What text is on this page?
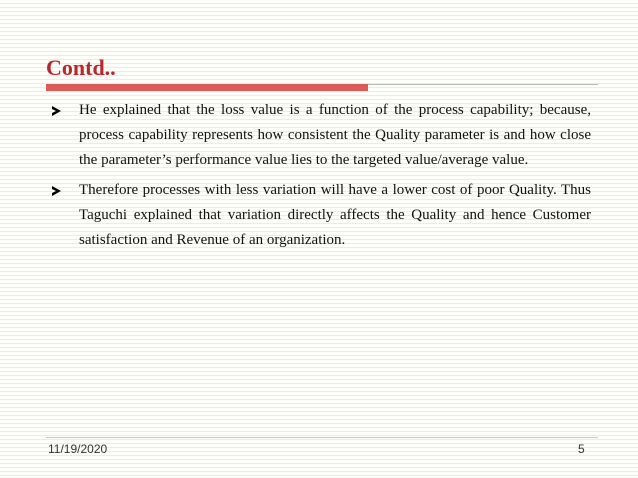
Contd..
He explained that the loss value is a function of the process capability; because, process capability represents how consistent the Quality parameter is and how close the parameter’s performance value lies to the targeted value/average value.
Therefore processes with less variation will have a lower cost of poor Quality. Thus Taguchi explained that variation directly affects the Quality and hence Customer satisfaction and Revenue of an organization.
11/19/2020	5
